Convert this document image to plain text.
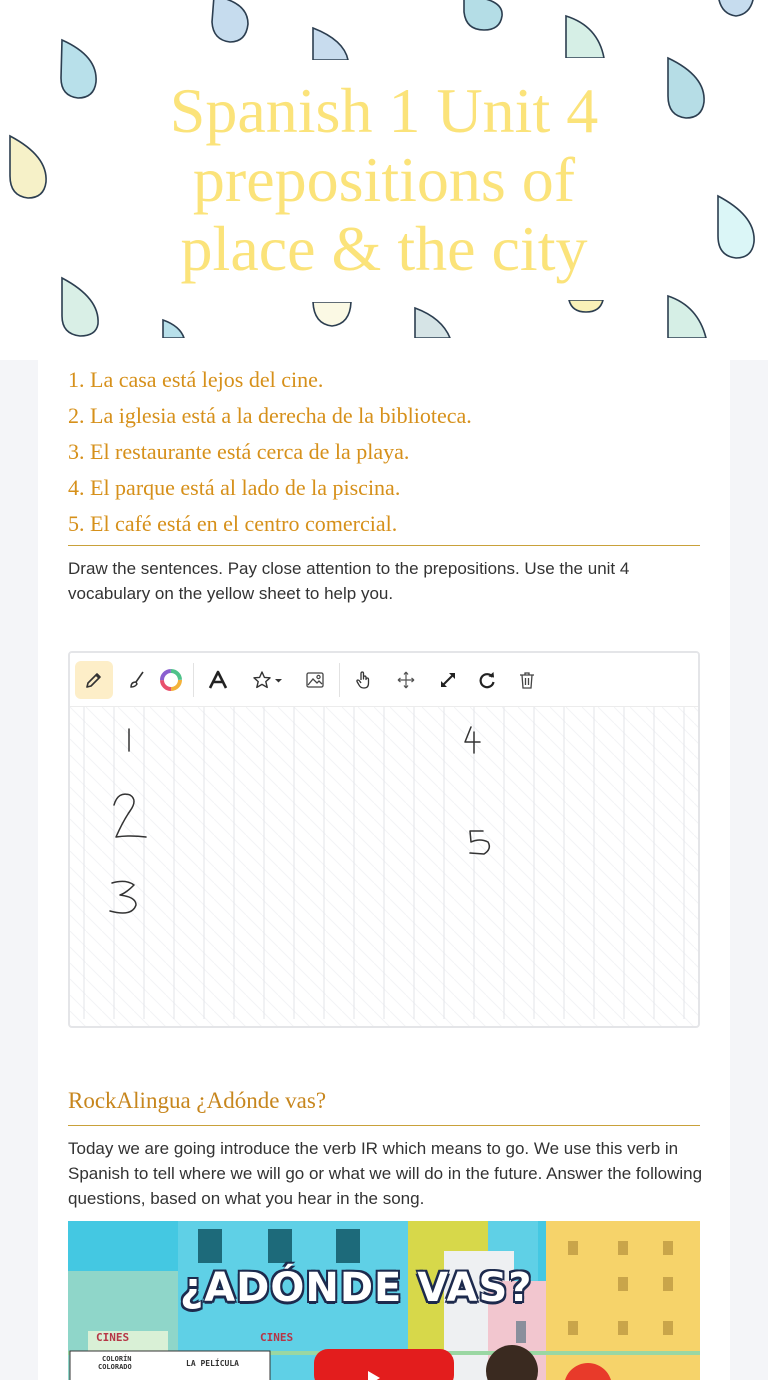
Spanish 1 Unit 4 prepositions of place & the city
1. La casa está lejos del cine.
2. La iglesia está a la derecha de la biblioteca.
3. El restaurante está cerca de la playa.
4. El parque está al lado de la piscina.
5. El café está en el centro comercial.
Draw the sentences. Pay close attention to the prepositions. Use the unit 4 vocabulary on the yellow sheet to help you.
RockAlingua ¿Adónde vas?
Today we are going introduce the verb IR which means to go. We use this verb in Spanish to tell where we will go or what we will do in the future. Answer the following questions, based on what you hear in the song.
CINES	CINES
COLORÍN
COLORADO	LA PELÍCULA
¿ADÓNDE VAS?
